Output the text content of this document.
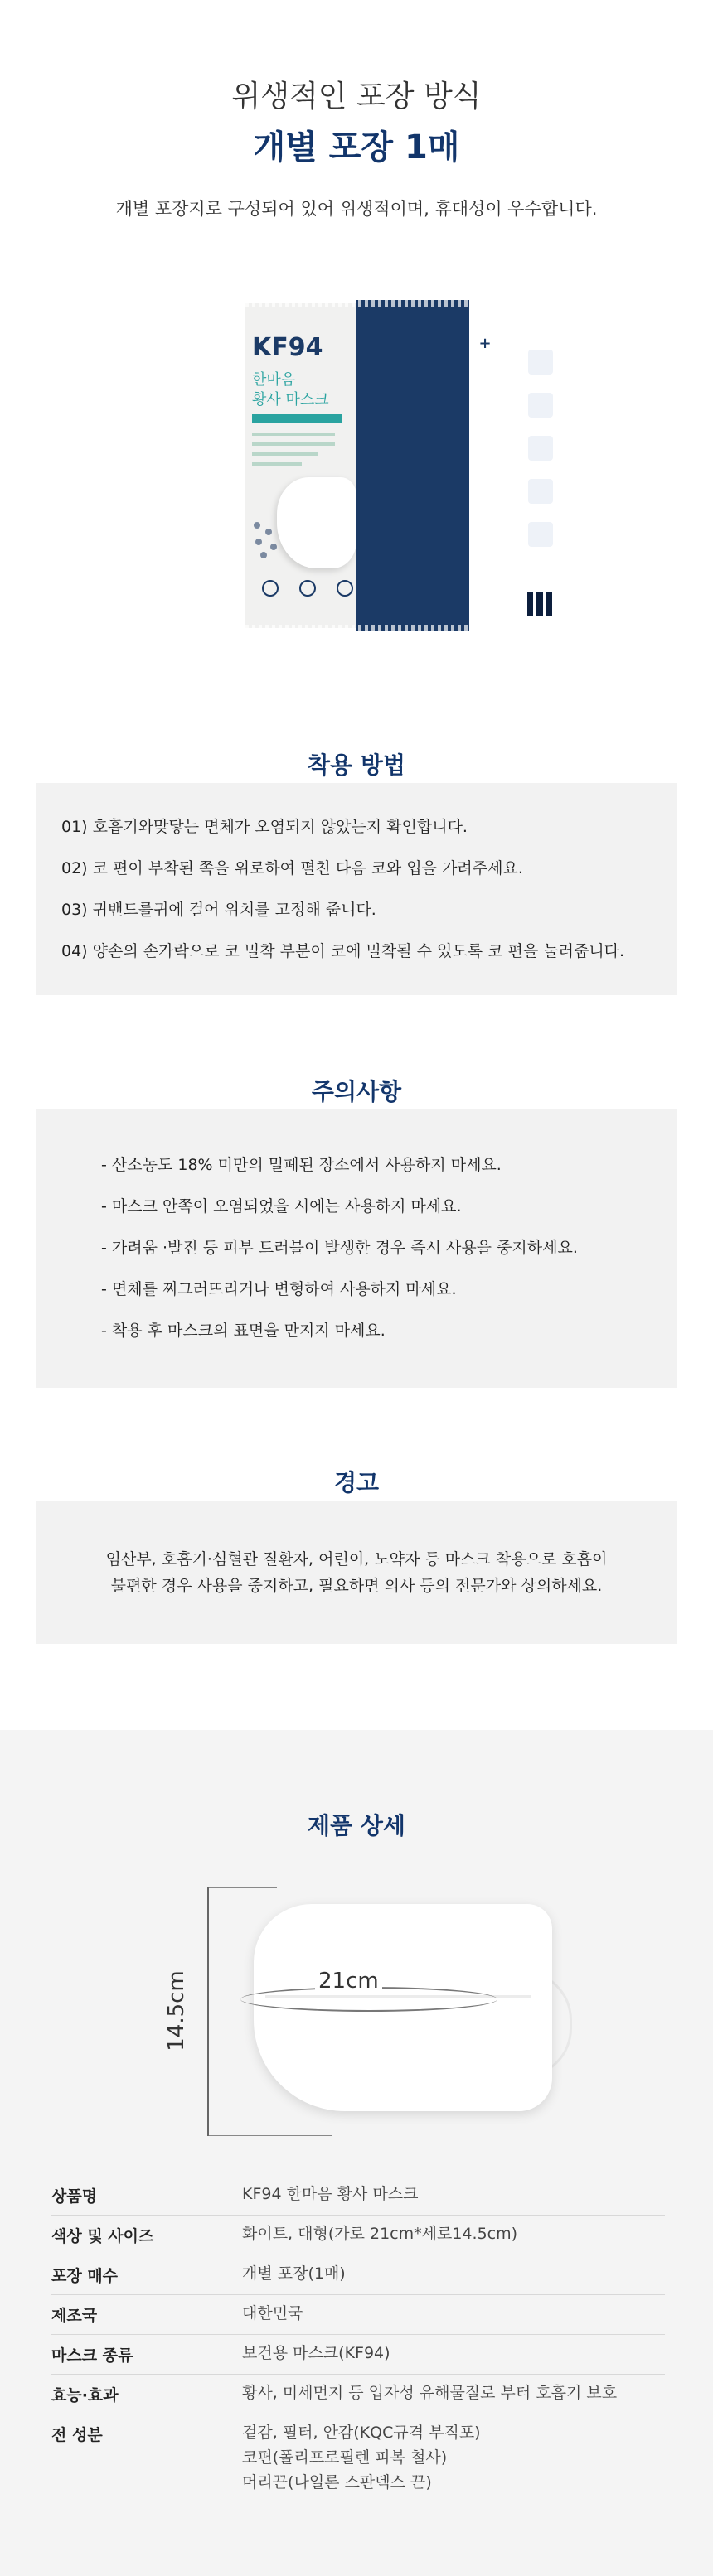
위생적인 포장 방식
개별 포장 1매
개별 포장지로 구성되어 있어 위생적이며, 휴대성이 우수합니다.
KF94
한마음
황사 마스크
+
착용 방법
01) 호흡기와맞닿는 면체가 오염되지 않았는지 확인합니다.
02) 코 편이 부착된 쪽을 위로하여 펼친 다음 코와 입을 가려주세요.
03) 귀밴드를귀에 걸어 위치를 고정해 줍니다.
04) 양손의 손가락으로 코 밀착 부분이 코에 밀착될 수 있도록 코 편을 눌러줍니다.
주의사항
- 산소농도 18% 미만의 밀폐된 장소에서 사용하지 마세요.
- 마스크 안쪽이 오염되었을 시에는 사용하지 마세요.
- 가려움 ·발진 등 피부 트러블이 발생한 경우 즉시 사용을 중지하세요.
- 면체를 찌그러뜨리거나 변형하여 사용하지 마세요.
- 착용 후 마스크의 표면을 만지지 마세요.
경고
임산부, 호흡기·심혈관 질환자, 어린이, 노약자 등 마스크 착용으로 호흡이
불편한 경우 사용을 중지하고, 필요하면 의사 등의 전문가와 상의하세요.
제품 상세
14.5cm	21cm
상품명	KF94 한마음 황사 마스크
색상 및 사이즈	화이트, 대형(가로 21cm*세로14.5cm)
포장 매수	개별 포장(1매)
제조국	대한민국
마스크 종류	보건용 마스크(KF94)
효능·효과	황사, 미세먼지 등 입자성 유해물질로 부터 호흡기 보호
전 성분	겉감, 필터, 안감(KQC규격 부직포)
코편(폴리프로필렌 피복 철사)
머리끈(나일론 스판덱스 끈)
